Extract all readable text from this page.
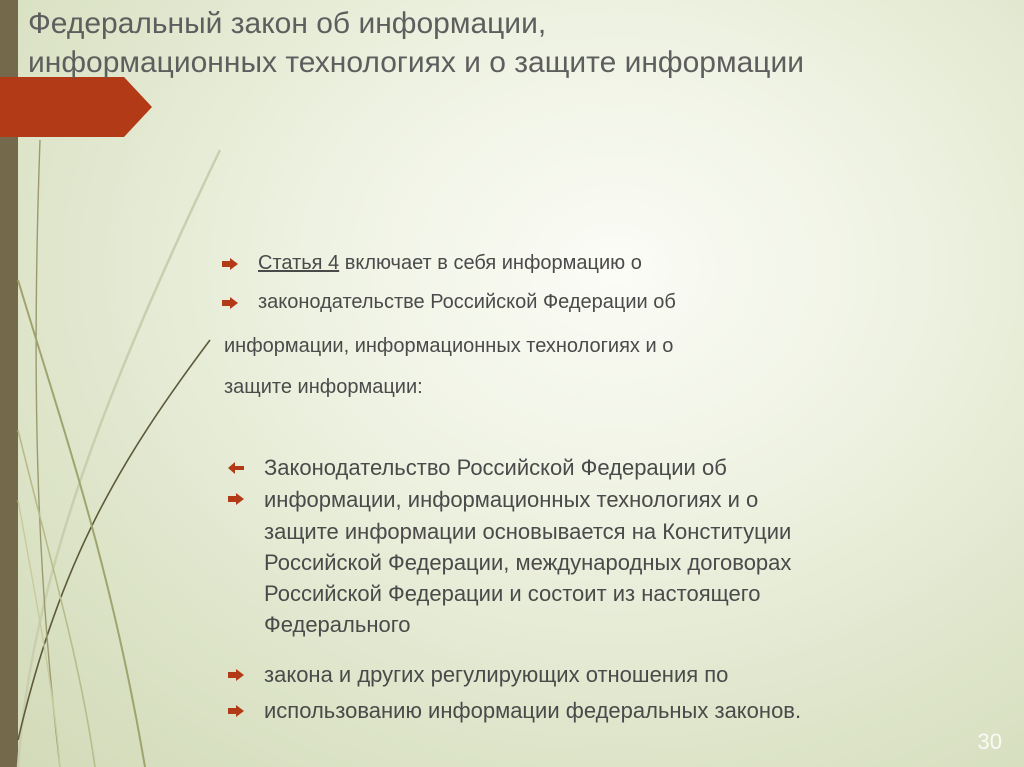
Федеральный закон об информации,
информационных технологиях и о защите информации
Статья 4 включает в себя информацию о
законодательстве Российской Федерации об
информации, информационных технологиях и о
защите информации:
Законодательство Российской Федерации об
информации, информационных технологиях и о
защите информации основывается на Конституции
Российской Федерации, международных договорах
Российской Федерации и состоит из настоящего
Федерального
закона и других регулирующих отношения по
использованию информации федеральных законов.
30
